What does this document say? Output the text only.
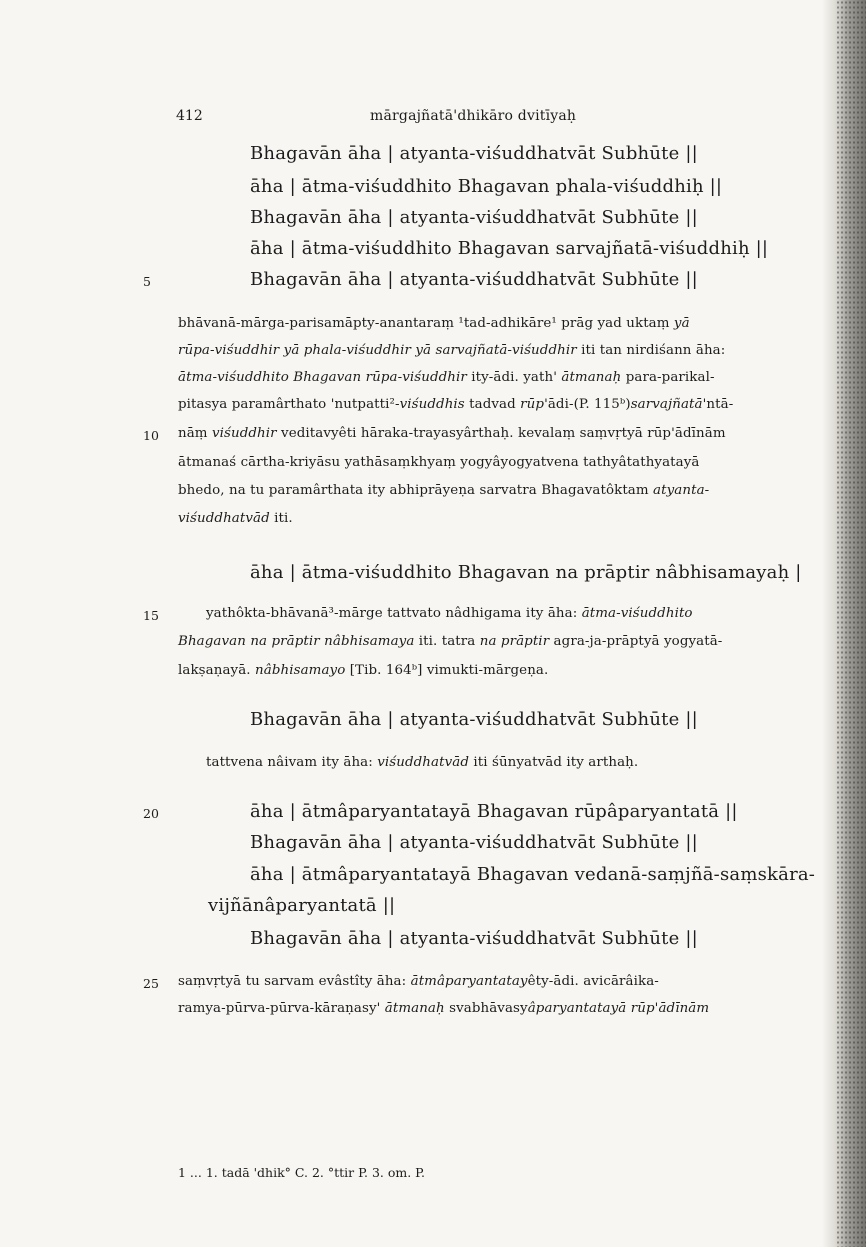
412	mārgajñatā'dhikāro dvitīyaḥ
Bhagavān āha | atyanta-viśuddhatvāt Subhūte ||
āha | ātma-viśuddhito Bhagavan phala-viśuddhiḥ ||
Bhagavān āha | atyanta-viśuddhatvāt Subhūte ||
āha | ātma-viśuddhito Bhagavan sarvajñatā-viśuddhiḥ ||
Bhagavān āha | atyanta-viśuddhatvāt Subhūte ||
5
bhāvanā-mārga-parisamāpty-anantaraṃ ¹tad-adhikāre¹ prāg yad uktaṃ yā
rūpa-viśuddhir yā phala-viśuddhir yā sarvajñatā-viśuddhir iti tan nirdiśann āha:
ātma-viśuddhito Bhagavan rūpa-viśuddhir ity-ādi. yath' ātmanaḥ para-parikal-
pitasya paramârthato 'nutpatti²-viśuddhis tadvad rūp'ādi-(P. 115ᵇ)sarvajñatā'ntā-
nāṃ viśuddhir veditavyêti hāraka-trayasyârthaḥ. kevalaṃ saṃvṛtyā rūp'ādīnām
10
ātmanaś cārtha-kriyāsu yathāsaṃkhyaṃ yogyâyogyatvena tathyâtathyatayā
bhedo, na tu paramârthata ity abhiprāyeṇa sarvatra Bhagavatôktam atyanta-
viśuddhatvād iti.
āha | ātma-viśuddhito Bhagavan na prāptir nâbhisamayaḥ |
15	yathôkta-bhāvanā³-mārge tattvato nâdhigama ity āha: ātma-viśuddhito
Bhagavan na prāptir nâbhisamaya iti. tatra na prāptir agra-ja-prāptyā yogyatā-
lakṣaṇayā. nâbhisamayo [Tib. 164ᵇ] vimukti-mārgeṇa.
Bhagavān āha | atyanta-viśuddhatvāt Subhūte ||
tattvena nâivam ity āha: viśuddhatvād iti śūnyatvād ity arthaḥ.
20	āha | ātmâparyantatayā Bhagavan rūpâparyantatā ||
Bhagavān āha | atyanta-viśuddhatvāt Subhūte ||
āha | ātmâparyantatayā Bhagavan vedanā-saṃjñā-saṃskāra-
vijñānâparyantatā ||
Bhagavān āha | atyanta-viśuddhatvāt Subhūte ||
25 saṃvṛtyā tu sarvam evâstîty āha: ātmâparyantatayêty-ādi. avicārâika-
ramya-pūrva-pūrva-kāraṇasy' ātmanaḥ svabhāvasyâparyantatayā rūp'ādīnām
1 ... 1. tadā 'dhik° C. 2. °ttir P. 3. om. P.
